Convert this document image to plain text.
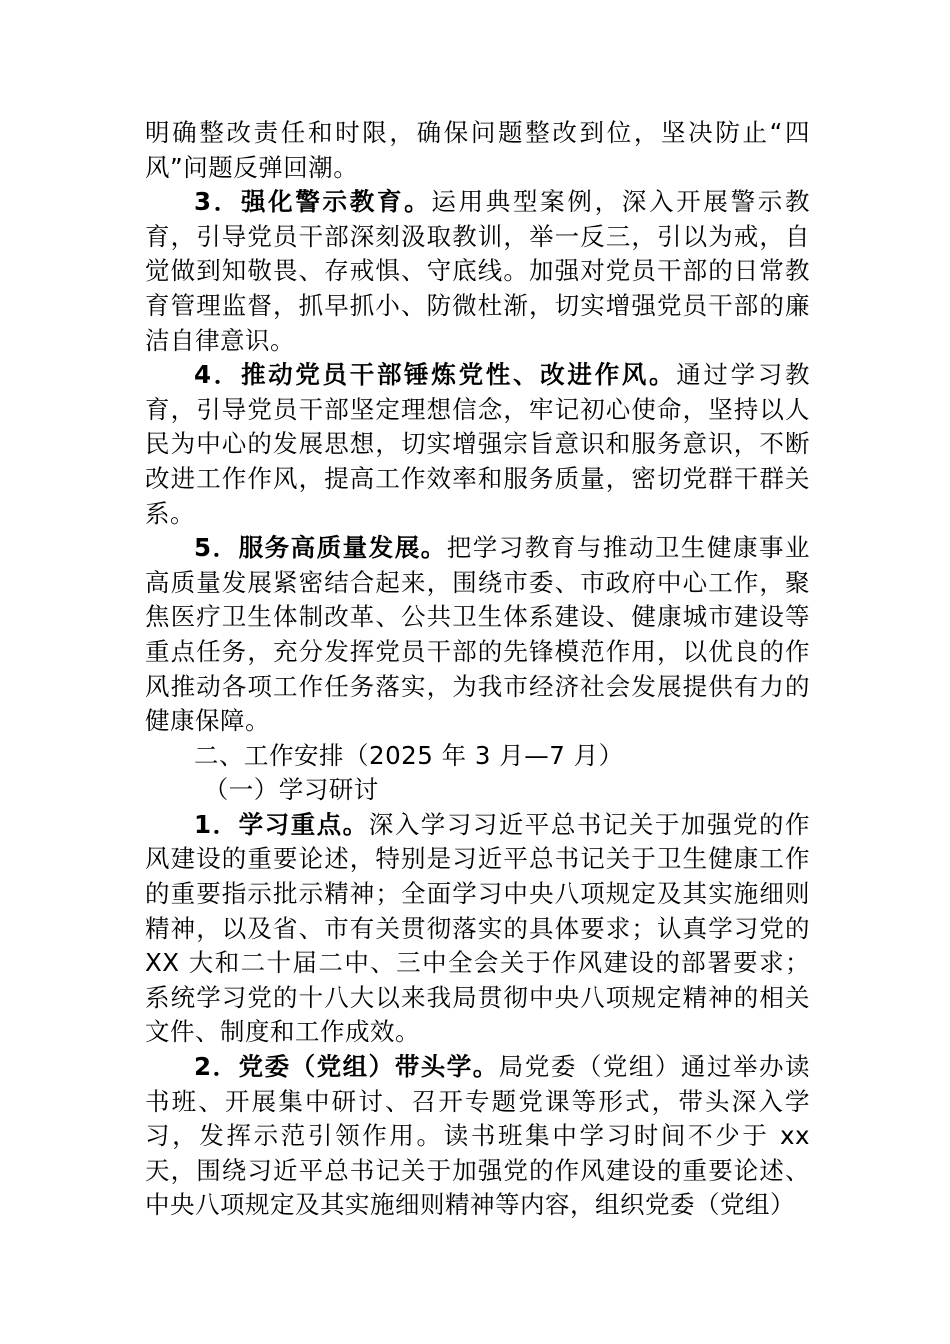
明确整改责任和时限，确保问题整改到位，坚决防止“四风”问题反弹回潮。

3．强化警示教育。运用典型案例，深入开展警示教育，引导党员干部深刻汲取教训，举一反三，引以为戒，自觉做到知敬畏、存戒惧、守底线。加强对党员干部的日常教育管理监督，抓早抓小、防微杜渐，切实增强党员干部的廉洁自律意识。

4．推动党员干部锤炼党性、改进作风。通过学习教育，引导党员干部坚定理想信念，牢记初心使命，坚持以人民为中心的发展思想，切实增强宗旨意识和服务意识，不断改进工作作风，提高工作效率和服务质量，密切党群干群关系。

5．服务高质量发展。把学习教育与推动卫生健康事业高质量发展紧密结合起来，围绕市委、市政府中心工作，聚焦医疗卫生体制改革、公共卫生体系建设、健康城市建设等重点任务，充分发挥党员干部的先锋模范作用，以优良的作风推动各项工作任务落实，为我市经济社会发展提供有力的健康保障。

二、工作安排（2025 年 3 月—7 月）

（一）学习研讨

1．学习重点。深入学习习近平总书记关于加强党的作风建设的重要论述，特别是习近平总书记关于卫生健康工作的重要指示批示精神；全面学习中央八项规定及其实施细则精神，以及省、市有关贯彻落实的具体要求；认真学习党的 XX 大和二十届二中、三中全会关于作风建设的部署要求；系统学习党的十八大以来我局贯彻中央八项规定精神的相关文件、制度和工作成效。

2．党委（党组）带头学。局党委（党组）通过举办读书班、开展集中研讨、召开专题党课等形式，带头深入学习，发挥示范引领作用。读书班集中学习时间不少于 xx 天，围绕习近平总书记关于加强党的作风建设的重要论述、中央八项规定及其实施细则精神等内容，组织党委（党组）
